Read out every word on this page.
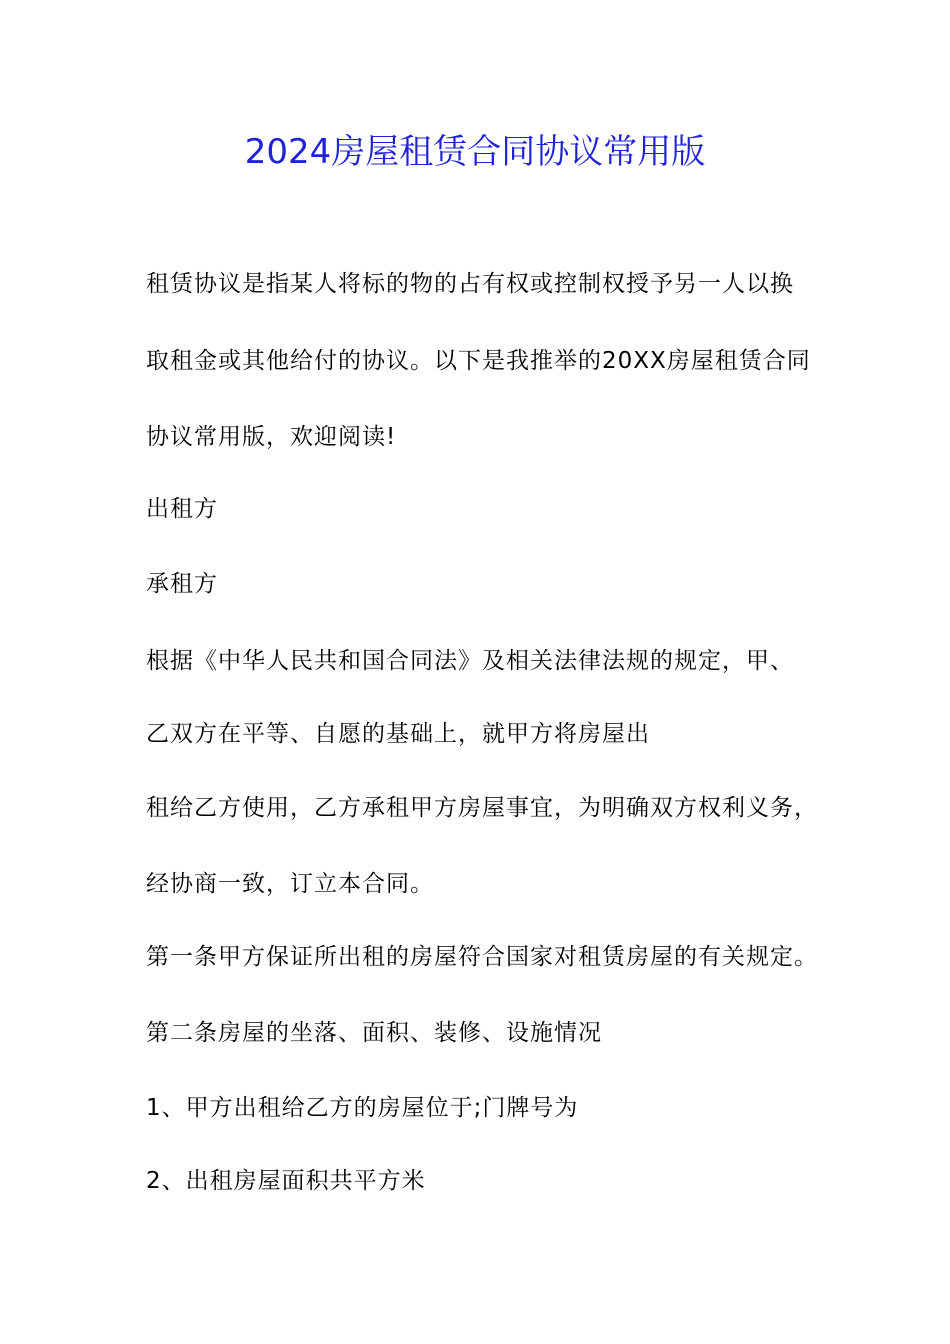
2024房屋租赁合同协议常用版
租赁协议是指某人将标的物的占有权或控制权授予另一人以换
取租金或其他给付的协议。以下是我推举的20XX房屋租赁合同
协议常用版，欢迎阅读!
出租方
承租方
根据《中华人民共和国合同法》及相关法律法规的规定，甲、
乙双方在平等、自愿的基础上，就甲方将房屋出
租给乙方使用，乙方承租甲方房屋事宜，为明确双方权利义务，
经协商一致，订立本合同。
第一条甲方保证所出租的房屋符合国家对租赁房屋的有关规定。
第二条房屋的坐落、面积、装修、设施情况
1、甲方出租给乙方的房屋位于;门牌号为
2、出租房屋面积共平方米
